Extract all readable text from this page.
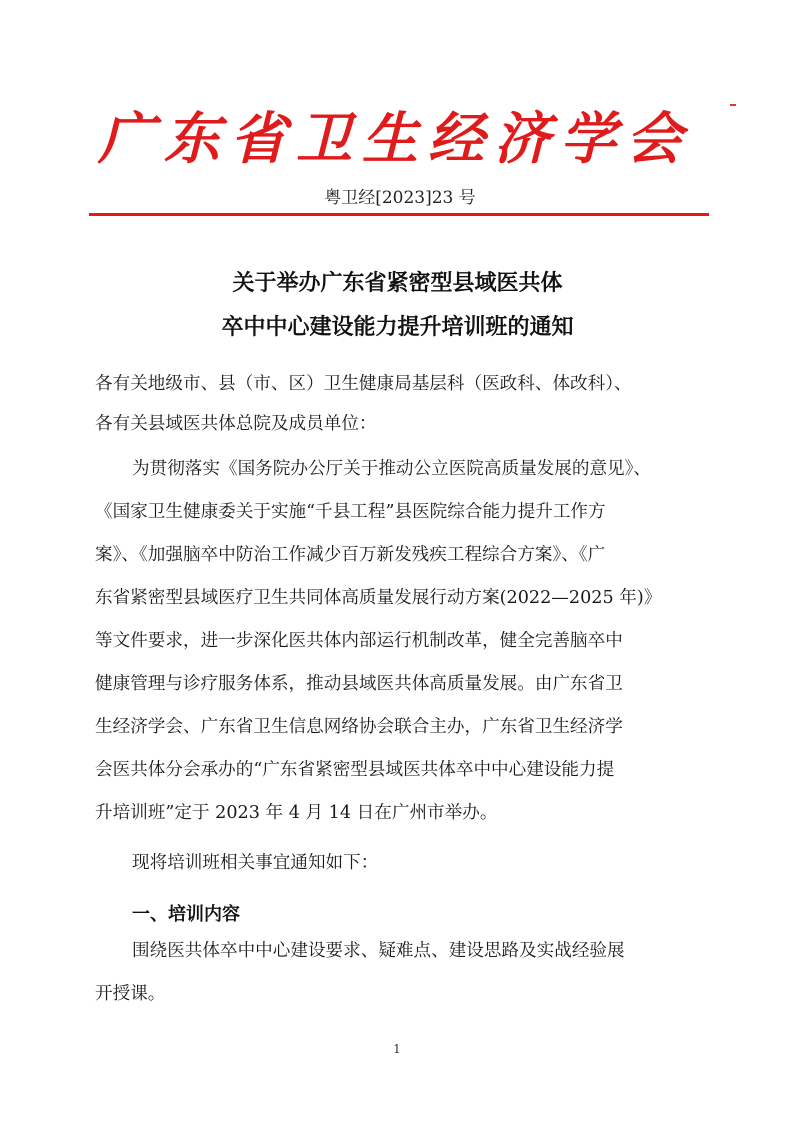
广东省卫生经济学会
粤卫经[2023]23 号
关于举办广东省紧密型县域医共体
卒中中心建设能力提升培训班的通知
各有关地级市、县（市、区）卫生健康局基层科（医政科、体改科）、
各有关县域医共体总院及成员单位：
为贯彻落实《国务院办公厅关于推动公立医院高质量发展的意见》、
《国家卫生健康委关于实施“千县工程”县医院综合能力提升工作方
案》、《加强脑卒中防治工作减少百万新发残疾工程综合方案》、《广
东省紧密型县域医疗卫生共同体高质量发展行动方案(2022—2025 年)》
等文件要求，进一步深化医共体内部运行机制改革，健全完善脑卒中
健康管理与诊疗服务体系，推动县域医共体高质量发展。由广东省卫
生经济学会、广东省卫生信息网络协会联合主办，广东省卫生经济学
会医共体分会承办的“广东省紧密型县域医共体卒中中心建设能力提
升培训班”定于 2023 年 4 月 14 日在广州市举办。
现将培训班相关事宜通知如下：
一、培训内容
围绕医共体卒中中心建设要求、疑难点、建设思路及实战经验展
开授课。
1
